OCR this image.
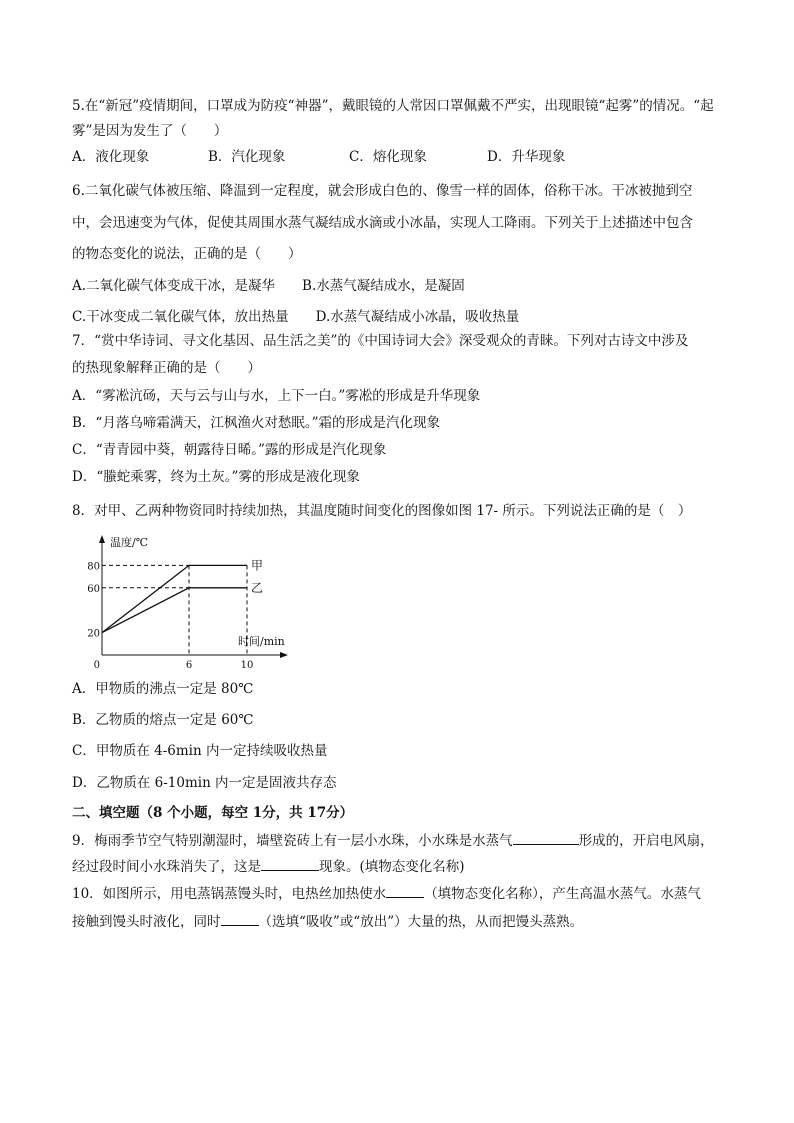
5.在“新冠”疫情期间，口罩成为防疫“神器”，戴眼镜的人常因口罩佩戴不严实，出现眼镜“起雾”的情况。“起
雾”是因为发生了（　　）
A．液化现象	B．汽化现象	C．熔化现象	D．升华现象
6.二氧化碳气体被压缩、降温到一定程度，就会形成白色的、像雪一样的固体，俗称干冰。干冰被抛到空
中，会迅速变为气体，促使其周围水蒸气凝结成水滴或小冰晶，实现人工降雨。下列关于上述描述中包含
的物态变化的说法，正确的是（　　）
A.二氧化碳气体变成干冰，是凝华　　B.水蒸气凝结成水，是凝固
C.干冰变成二氧化碳气体，放出热量　　D.水蒸气凝结成小冰晶，吸收热量
7．“赏中华诗词、寻文化基因、品生活之美”的《中国诗词大会》深受观众的青睐。下列对古诗文中涉及
的热现象解释正确的是（　　）
A．“雾凇沆砀，天与云与山与水，上下一白。”雾凇的形成是升华现象
B．“月落乌啼霜满天，江枫渔火对愁眠。”霜的形成是汽化现象
C．“青青园中葵，朝露待日晞。”露的形成是汽化现象
D．“螣蛇乘雾，终为土灰。”雾的形成是液化现象
8．对甲、乙两种物资同时持续加热，其温度随时间变化的图像如图 17- 所示。下列说法正确的是（　）
温度/℃
时间/min
20
60
80
0	6	10
甲
乙
A．甲物质的沸点一定是 80℃
B．乙物质的熔点一定是 60℃
C．甲物质在 4-6min 内一定持续吸收热量
D．乙物质在 6-10min 内一定是固液共存态
二、填空题（8 个小题，每空 1分，共 17分）
9．梅雨季节空气特别潮湿时，墙壁瓷砖上有一层小水珠，小水珠是水蒸气	形成的，开启电风扇，
经过段时间小水珠消失了，这是	现象。(填物态变化名称)
10．如图所示，用电蒸锅蒸馒头时，电热丝加热使水	（填物态变化名称），产生高温水蒸气。水蒸气
接触到馒头时液化，同时	（选填“吸收”或“放出”）大量的热，从而把馒头蒸熟。
